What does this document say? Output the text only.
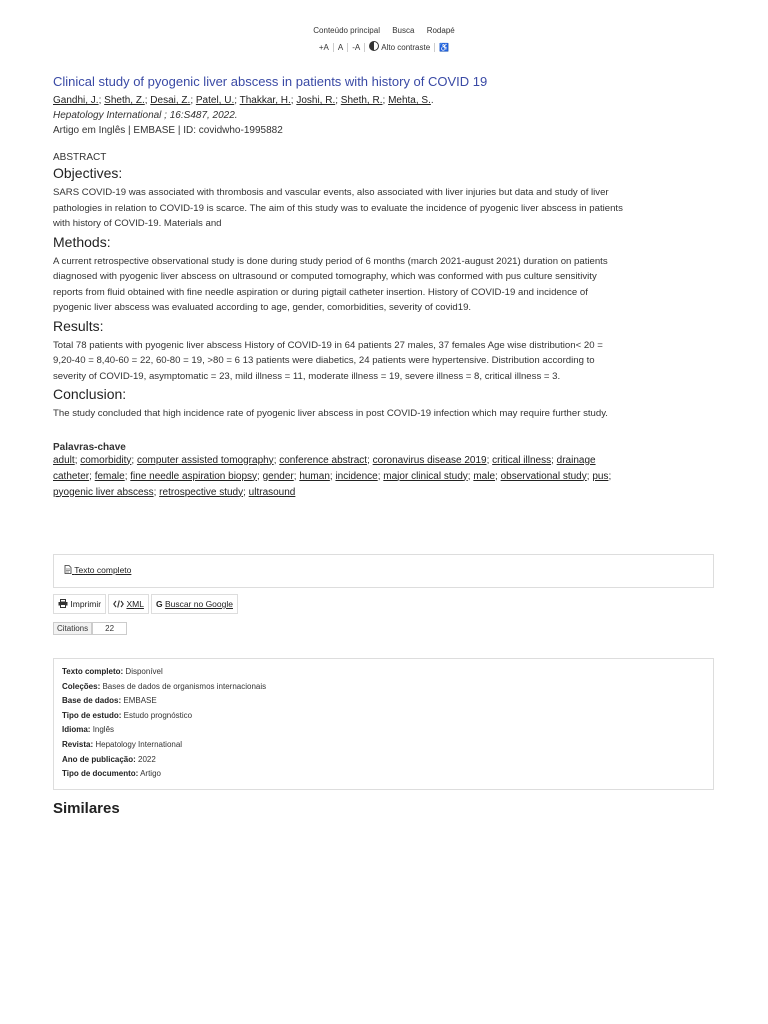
Conteúdo principal Busca Rodapé
+A A -A	Alto contraste ♿
Clinical study of pyogenic liver abscess in patients with history of COVID 19
Gandhi, J.; Sheth, Z.; Desai, Z.; Patel, U.; Thakkar, H.; Joshi, R.; Sheth, R.; Mehta, S..
Hepatology International ; 16:S487, 2022.
Artigo em Inglês | EMBASE | ID: covidwho-1995882
ABSTRACT
Objectives:

SARS COVID-19 was associated with thrombosis and vascular events, also associated with liver injuries but data and study of liver pathologies in relation to COVID-19 is scarce. The aim of this study was to evaluate the incidence of pyogenic liver abscess in patients with history of COVID-19. Materials and

Methods:

A current retrospective observational study is done during study period of 6 months (march 2021-august 2021) duration on patients diagnosed with pyogenic liver abscess on ultrasound or computed tomography, which was conformed with pus culture sensitivity reports from fluid obtained with fine needle aspiration or during pigtail catheter insertion. History of COVID-19 and incidence of pyogenic liver abscess was evaluated according to age, gender, comorbidities, severity of covid19.

Results:

Total 78 patients with pyogenic liver abscess History of COVID-19 in 64 patients 27 males, 37 females Age wise distribution< 20 = 9,20-40 = 8,40-60 = 22, 60-80 = 19, >80 = 6 13 patients were diabetics, 24 patients were hypertensive. Distribution according to severity of COVID-19, asymptomatic = 23, mild illness = 11, moderate illness = 19, severe illness = 8, critical illness = 3.

Conclusion:

The study concluded that high incidence rate of pyogenic liver abscess in post COVID-19 infection which may require further study.

Palavras-chave
adult; comorbidity; computer assisted tomography; conference abstract; coronavirus disease 2019; critical illness; drainage catheter; female; fine needle aspiration biopsy; gender; human; incidence; major clinical study; male; observational study; pus; pyogenic liver abscess; retrospective study; ultrasound
Texto completo
Imprimir	XML G Buscar no Google
Citations 22
Texto completo: Disponível
Coleções: Bases de dados de organismos internacionais
Base de dados: EMBASE
Tipo de estudo: Estudo prognóstico
Idioma: Inglês
Revista: Hepatology International
Ano de publicação: 2022
Tipo de documento: Artigo
Similares
